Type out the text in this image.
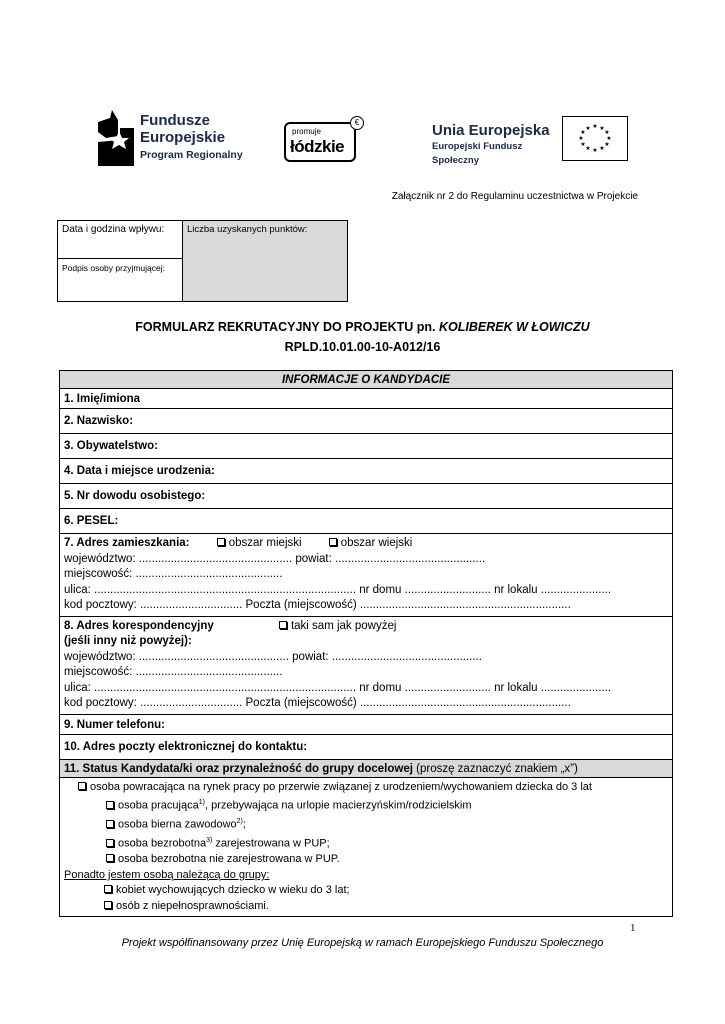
Fundusze
Europejskie
Program Regionalny
promuje
łódzkie
€	Unia Europejska
Europejski Fundusz Społeczny
★ ★
★
★
★
★
★
★
★
★
★
★
Załącznik nr 2 do Regulaminu uczestnictwa w Projekcie
Data i godzina wpływu:
Podpis osoby przyjmującej:
Liczba uzyskanych punktów:
FORMULARZ REKRUTACYJNY DO PROJEKTU pn. KOLIBEREK W ŁOWICZU
RPLD.10.01.00-10-A012/16
INFORMACJE O KANDYDACIE
1. Imię/imiona
2. Nazwisko:
3. Obywatelstwo:
4. Data i miejsce urodzenia:
5. Nr dowodu osobistego:
6. PESEL:
7. Adres zamieszkania:	obszar miejski	obszar wiejski
województwo: ................................................ powiat: ...............................................
miejscowość: ..............................................
ulica: .................................................................................. nr domu ........................... nr lokalu ......................
kod pocztowy: ................................ Poczta (miejscowość) ..................................................................
8. Adres korespondencyjny	taki sam jak powyżej
(jeśli inny niż powyżej):
województwo: ............................................... powiat: ...............................................
miejscowość: ..............................................
ulica: .................................................................................. nr domu ........................... nr lokalu ......................
kod pocztowy: ................................ Poczta (miejscowość) ..................................................................
9. Numer telefonu:
10. Adres poczty elektronicznej do kontaktu:
11. Status Kandydata/ki oraz przynależność do grupy docelowej (proszę zaznaczyć znakiem „x”)
osoba powracająca na rynek pracy po przerwie związanej z urodzeniem/wychowaniem dziecka do 3 lat
osoba pracująca$^{1)}$, przebywająca na urlopie macierzyńskim/rodzicielskim
osoba bierna zawodowo$^{2)}$;
osoba bezrobotna$^{3)}$ zarejestrowana w PUP;
osoba bezrobotna nie zarejestrowana w PUP.
Ponadto jestem osobą należącą do grupy:
kobiet wychowujących dziecko w wieku do 3 lat;
osób z niepełnosprawnościami.
1
Projekt współfinansowany przez Unię Europejską w ramach Europejskiego Funduszu Społecznego
